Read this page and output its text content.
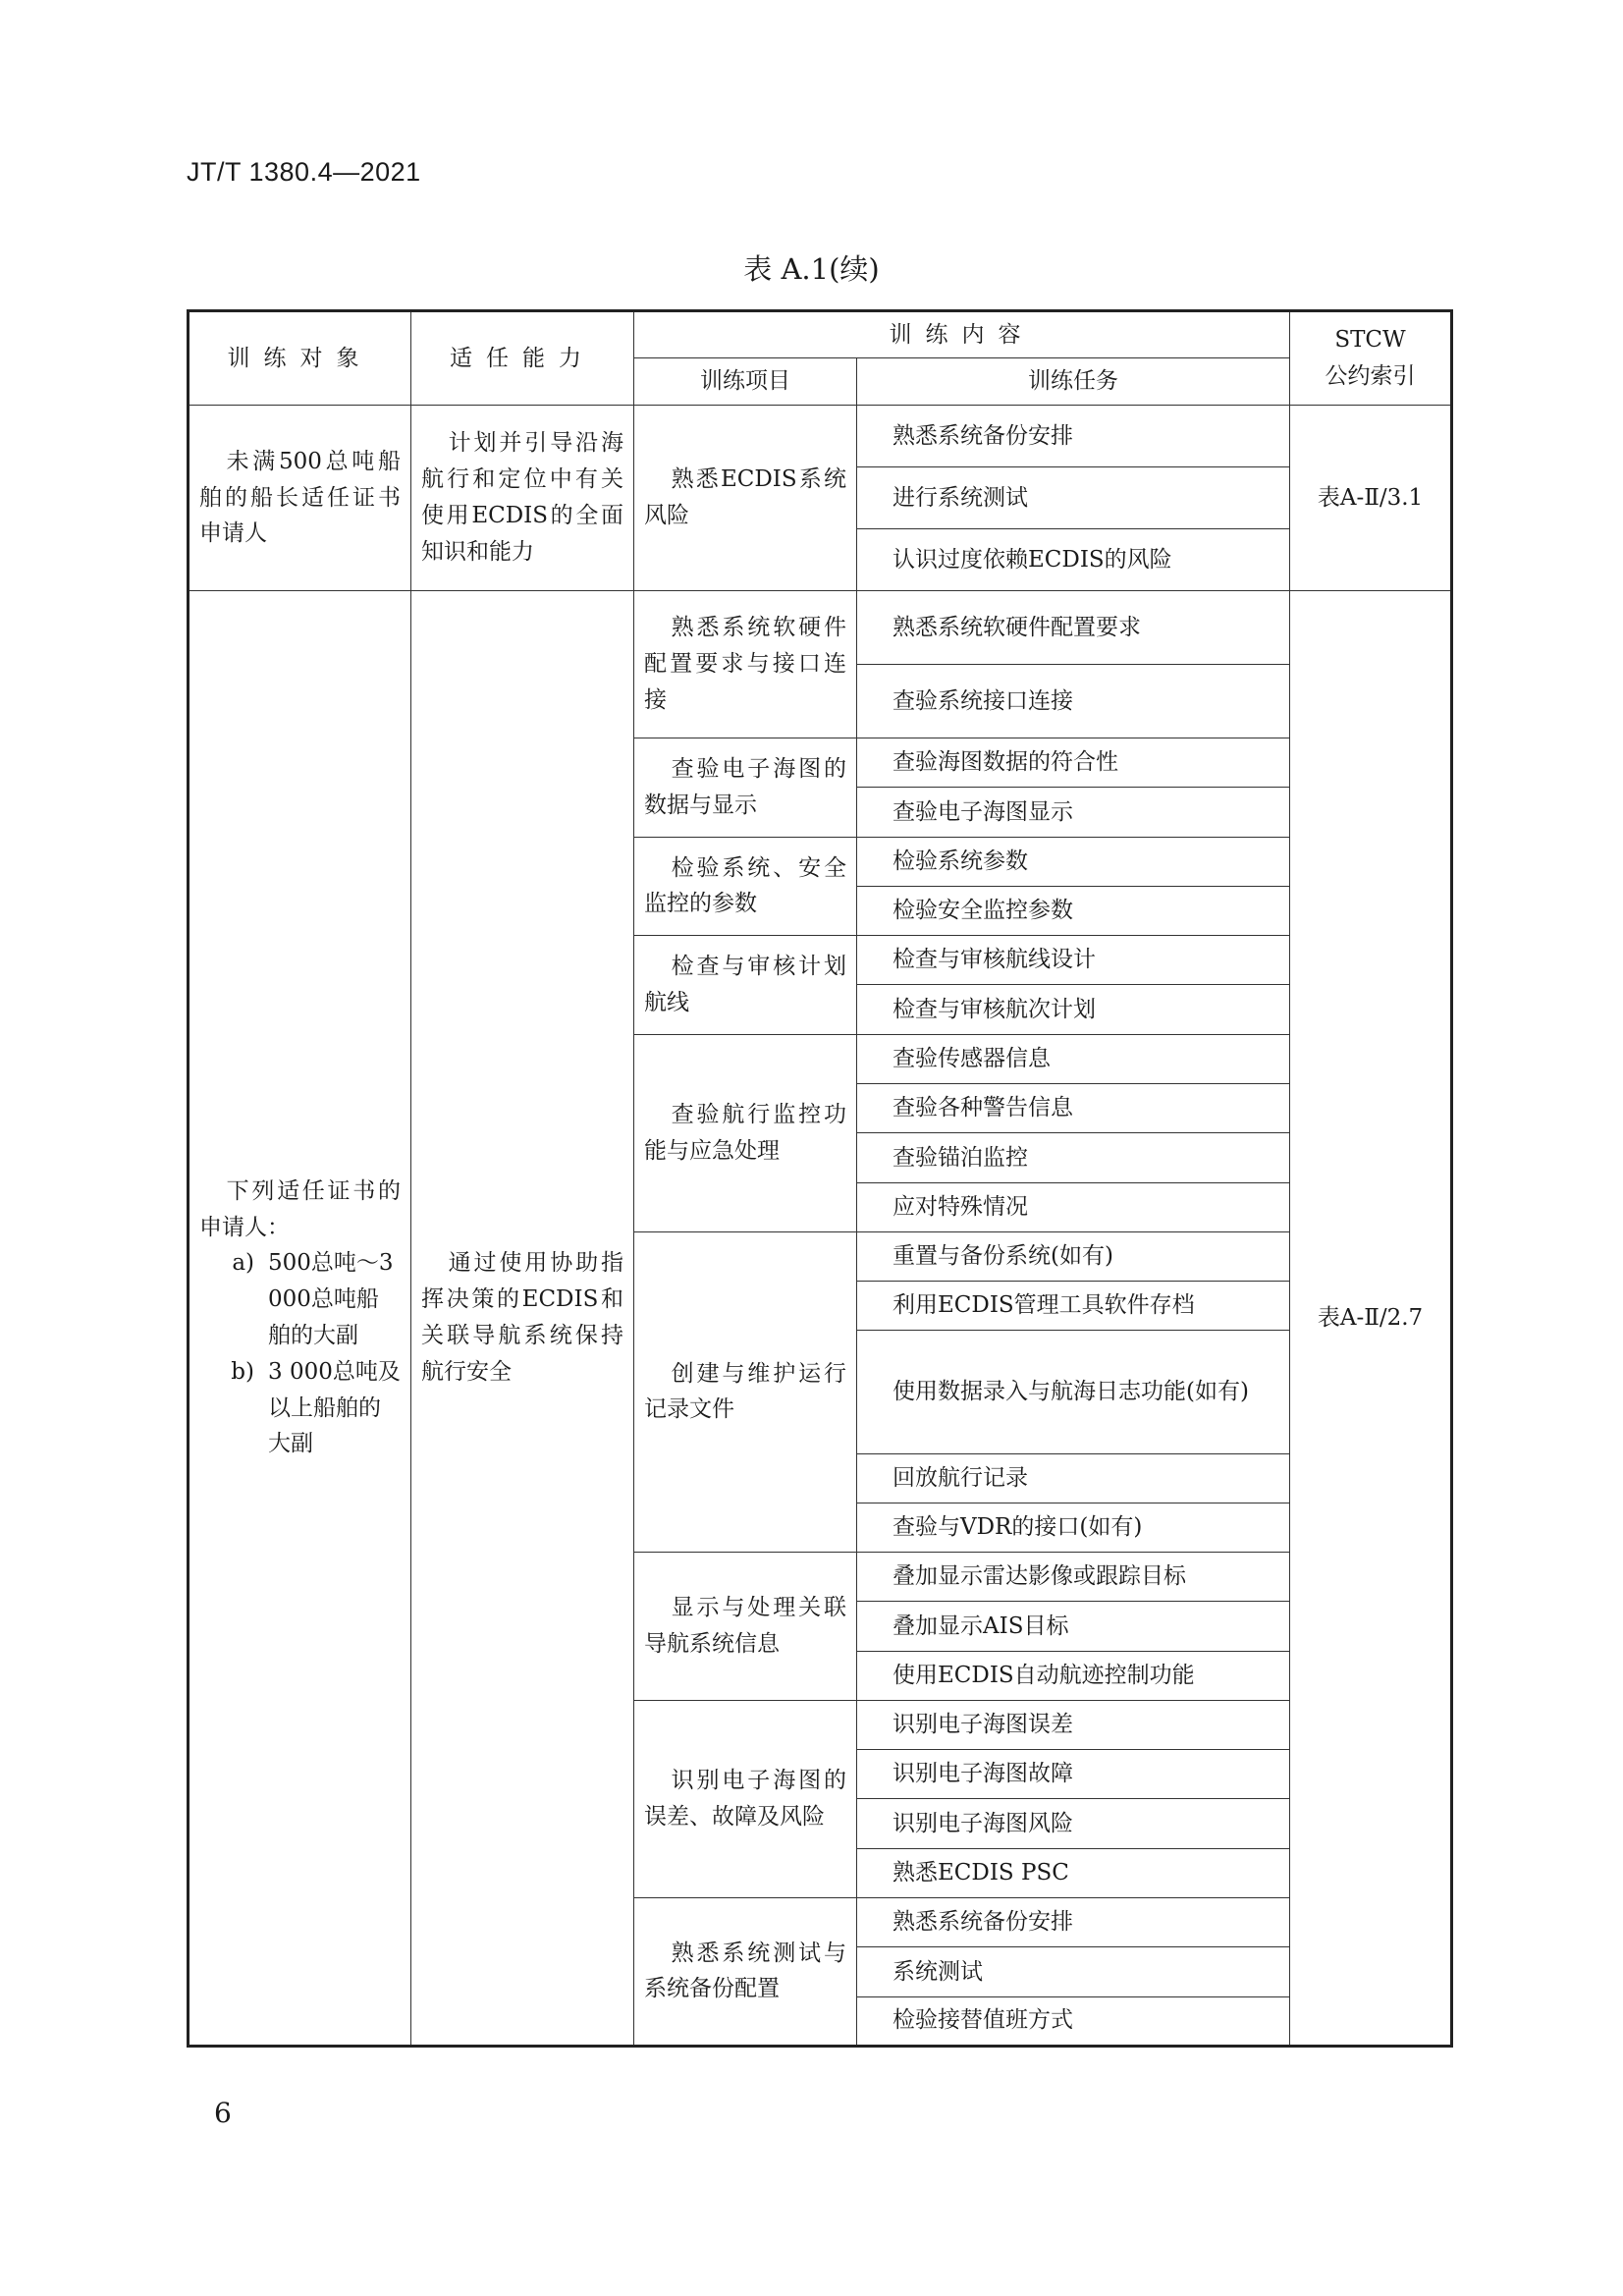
JT/T 1380.4—2021
表 A.1(续)
训练对象	适任能力	训练内容		STCW
公约索引

		训练项目	训练任务	
未满500总吨船舶的船长适任证书申请人	计划并引导沿海航行和定位中有关使用ECDIS的全面知识和能力	熟悉ECDIS系统风险	熟悉系统备份安排	表A-Ⅱ/3.1
			进行系统测试	
			认识过度依赖ECDIS的风险	

下列适任证书的申请人：
a) 500总吨～3 000总吨船舶的大副
b) 3 000总吨及以上船舶的大副	通过使用协助指挥决策的ECDIS和关联导航系统保持航行安全	熟悉系统软硬件配置要求与接口连接	熟悉系统软硬件配置要求	表A-Ⅱ/2.7
			查验系统接口连接	
		查验电子海图的数据与显示	查验海图数据的符合性	
			查验电子海图显示	
		检验系统、安全监控的参数	检验系统参数	
			检验安全监控参数	
		检查与审核计划航线	检查与审核航线设计	
			检查与审核航次计划	
		查验航行监控功能与应急处理	查验传感器信息	
			查验各种警告信息	
			查验锚泊监控	
			应对特殊情况	
		创建与维护运行记录文件	重置与备份系统(如有)	
			利用ECDIS管理工具软件存档	
			使用数据录入与航海日志功能(如有)	
			回放航行记录	
			查验与VDR的接口(如有)	
		显示与处理关联导航系统信息	叠加显示雷达影像或跟踪目标	
			叠加显示AIS目标	
			使用ECDIS自动航迹控制功能	
		识别电子海图的误差、故障及风险	识别电子海图误差	
			识别电子海图故障	
			识别电子海图风险	
			熟悉ECDIS PSC	
		熟悉系统测试与系统备份配置	熟悉系统备份安排	
			系统测试	
			检验接替值班方式	
6
